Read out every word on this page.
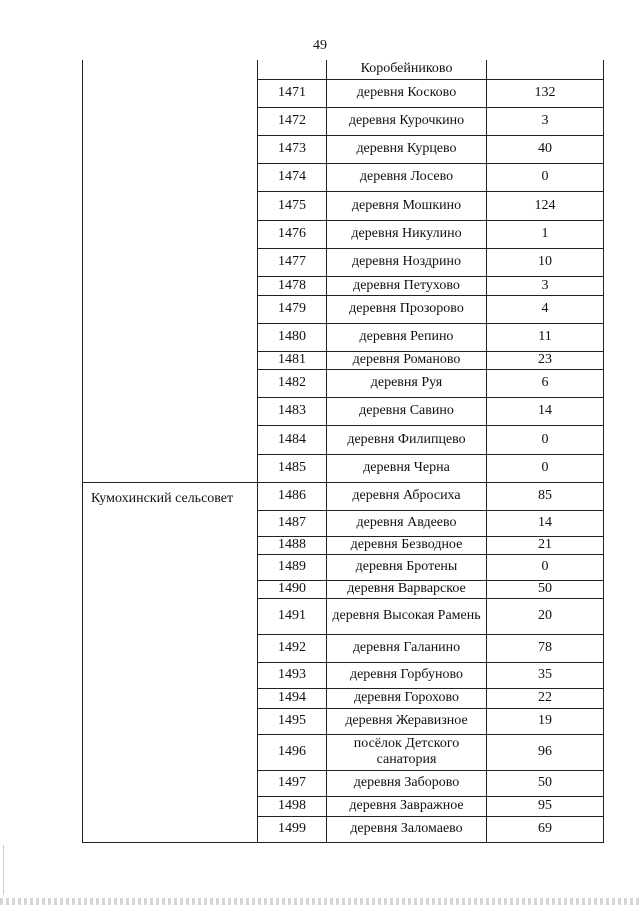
49
		Коробейниково	
	1471	деревня Косково	132
	1472	деревня Курочкино	3
	1473	деревня Курцево	40
	1474	деревня Лосево	0
	1475	деревня Мошкино	124
	1476	деревня Никулино	1
	1477	деревня Ноздрино	10
	1478	деревня Петухово	3
	1479	деревня Прозорово	4
	1480	деревня Репино	11
	1481	деревня Романово	23
	1482	деревня Руя	6
	1483	деревня Савино	14
	1484	деревня Филипцево	0
	1485	деревня Черна	0
Кумохинский сельсовет	1486	деревня Абросиха	85
	1487	деревня Авдеево	14
	1488	деревня Безводное	21
	1489	деревня Бротены	0
	1490	деревня Варварское	50
	1491	деревня Высокая Рамень	20
	1492	деревня Галанино	78
	1493	деревня Горбуново	35
	1494	деревня Горохово	22
	1495	деревня Жеравизное	19
	1496	посёлок Детского санатория	96
	1497	деревня Заборово	50
	1498	деревня Завражное	95
	1499	деревня Заломаево	69
